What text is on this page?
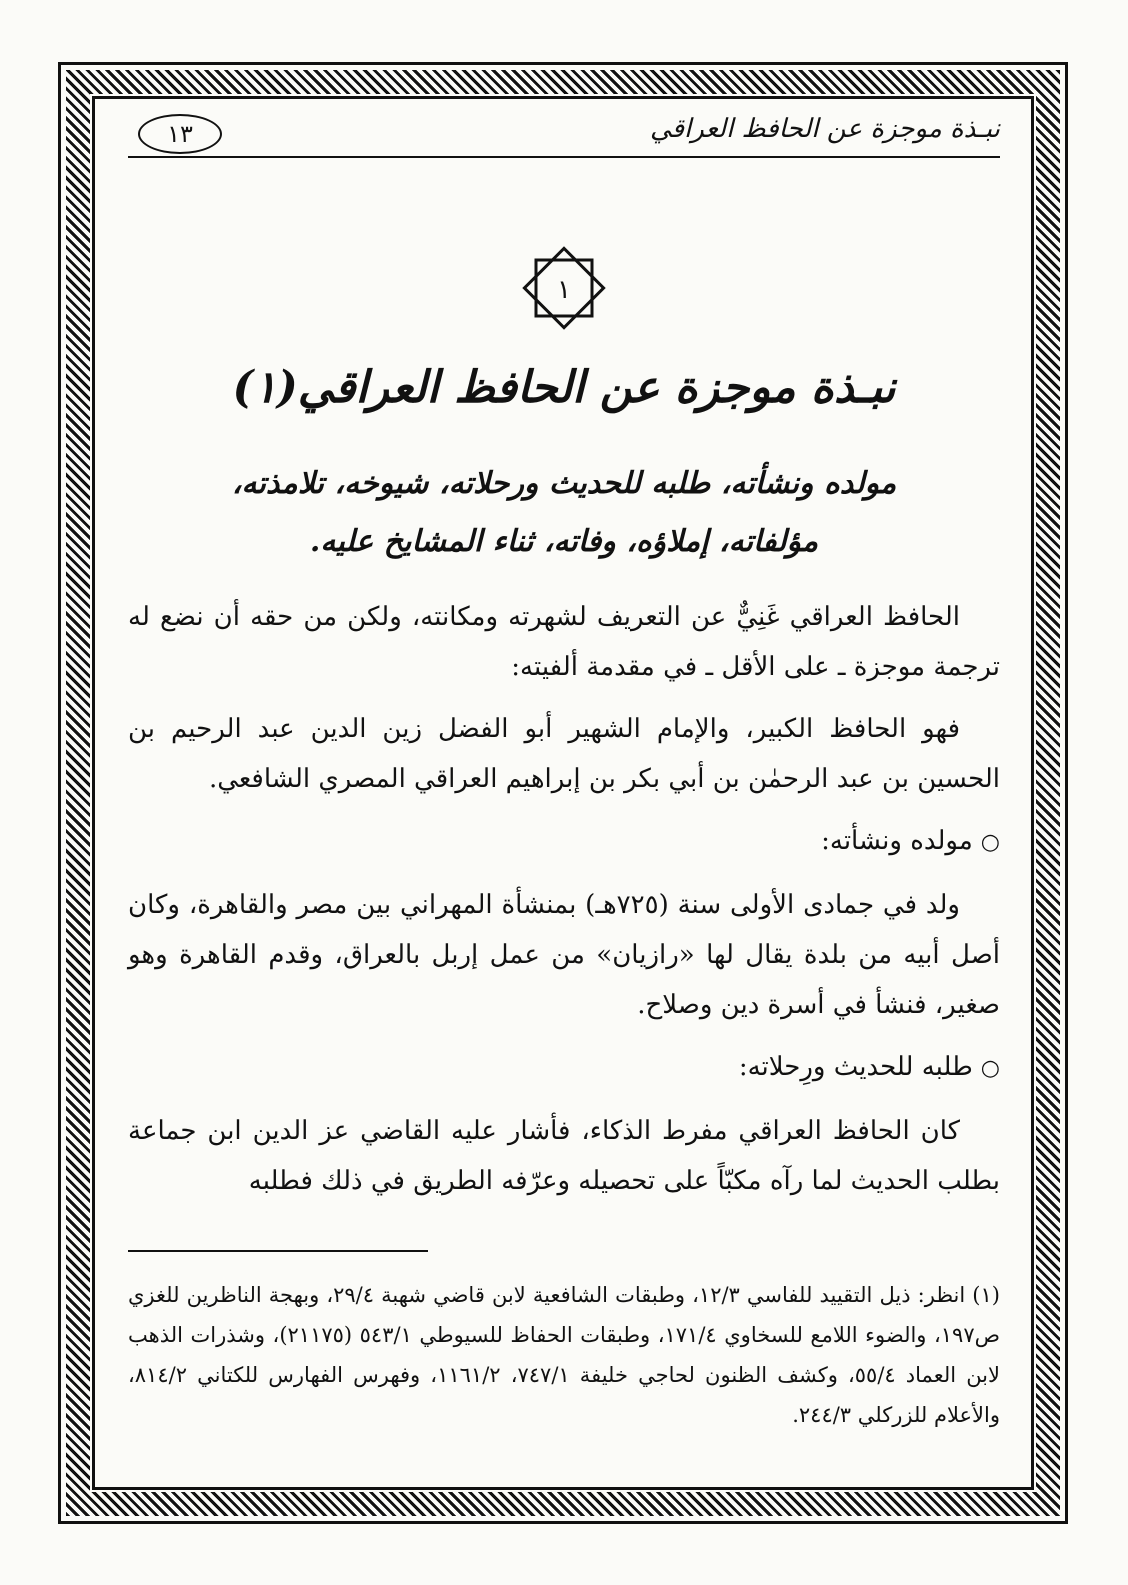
نبـذة موجزة عن الحافظ العراقي
١٣
١
نبـذة موجزة عن الحافظ العراقي(١)
مولده ونشأته، طلبه للحديث ورحلاته، شيوخه، تلامذته،
مؤلفاته، إملاؤه، وفاته، ثناء المشايخ عليه.

الحافظ العراقي غَنِيٌّ عن التعريف لشهرته ومكانته، ولكن من حقه أن نضع له ترجمة موجزة ـ على الأقل ـ في مقدمة ألفيته:

فهو الحافظ الكبير، والإمام الشهير أبو الفضل زين الدين عبد الرحيم بن الحسين بن عبد الرحمٰن بن أبي بكر بن إبراهيم العراقي المصري الشافعي.

○مولده ونشأته:

ولد في جمادى الأولى سنة (٧٢٥هـ) بمنشأة المهراني بين مصر والقاهرة، وكان أصل أبيه من بلدة يقال لها «رازيان» من عمل إربل بالعراق، وقدم القاهرة وهو صغير، فنشأ في أسرة دين وصلاح.

○طلبه للحديث ورِحلاته:

كان الحافظ العراقي مفرط الذكاء، فأشار عليه القاضي عز الدين ابن جماعة بطلب الحديث لما رآه مكبّاً على تحصيله وعرّفه الطريق في ذلك فطلبه

(١) انظر: ذيل التقييد للفاسي ١٢/٣، وطبقات الشافعية لابن قاضي شهبة ٢٩/٤، وبهجة الناظرين للغزي ص١٩٧، والضوء اللامع للسخاوي ١٧١/٤، وطبقات الحفاظ للسيوطي ٥٤٣/١ (٢١١٧٥)، وشذرات الذهب لابن العماد ٥٥/٤، وكشف الظنون لحاجي خليفة ٧٤٧/١، ١١٦١/٢، وفهرس الفهارس للكتاني ٨١٤/٢، والأعلام للزركلي ٢٤٤/٣.
